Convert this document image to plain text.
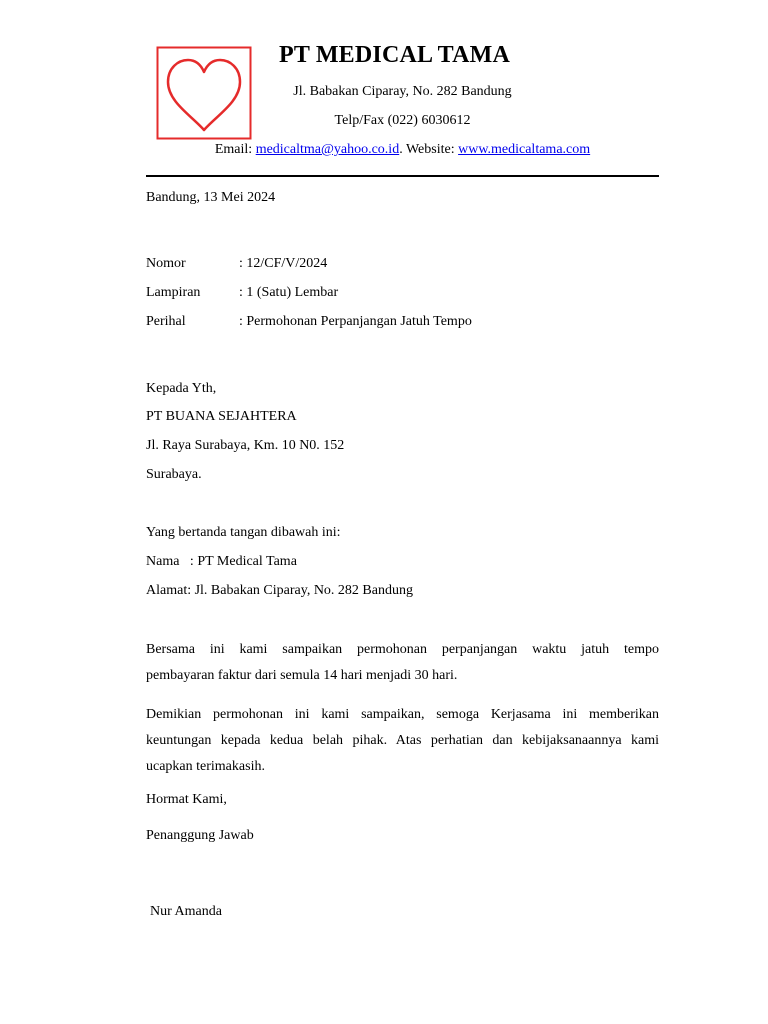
PT MEDICAL TAMA
Jl. Babakan Ciparay, No. 282 Bandung
Telp/Fax (022) 6030612
Email: medicaltma@yahoo.co.id. Website: www.medicaltama.com
Bandung, 13 Mei 2024
Nomor	: 12/CF/V/2024
Lampiran	: 1 (Satu) Lembar
Perihal	: Permohonan Perpanjangan Jatuh Tempo
Kepada Yth,
PT BUANA SEJAHTERA
Jl. Raya Surabaya, Km. 10 N0. 152
Surabaya.
Yang bertanda tangan dibawah ini:
Nama   : PT Medical Tama
Alamat: Jl. Babakan Ciparay, No. 282 Bandung
Bersama ini kami sampaikan permohonan perpanjangan waktu jatuh tempo
pembayaran faktur dari semula 14 hari menjadi 30 hari.
Demikian permohonan ini kami sampaikan, semoga Kerjasama ini memberikan
keuntungan kepada kedua belah pihak. Atas perhatian dan kebijaksanaannya kami
ucapkan terimakasih.
Hormat Kami,
Penanggung Jawab
Nur Amanda
